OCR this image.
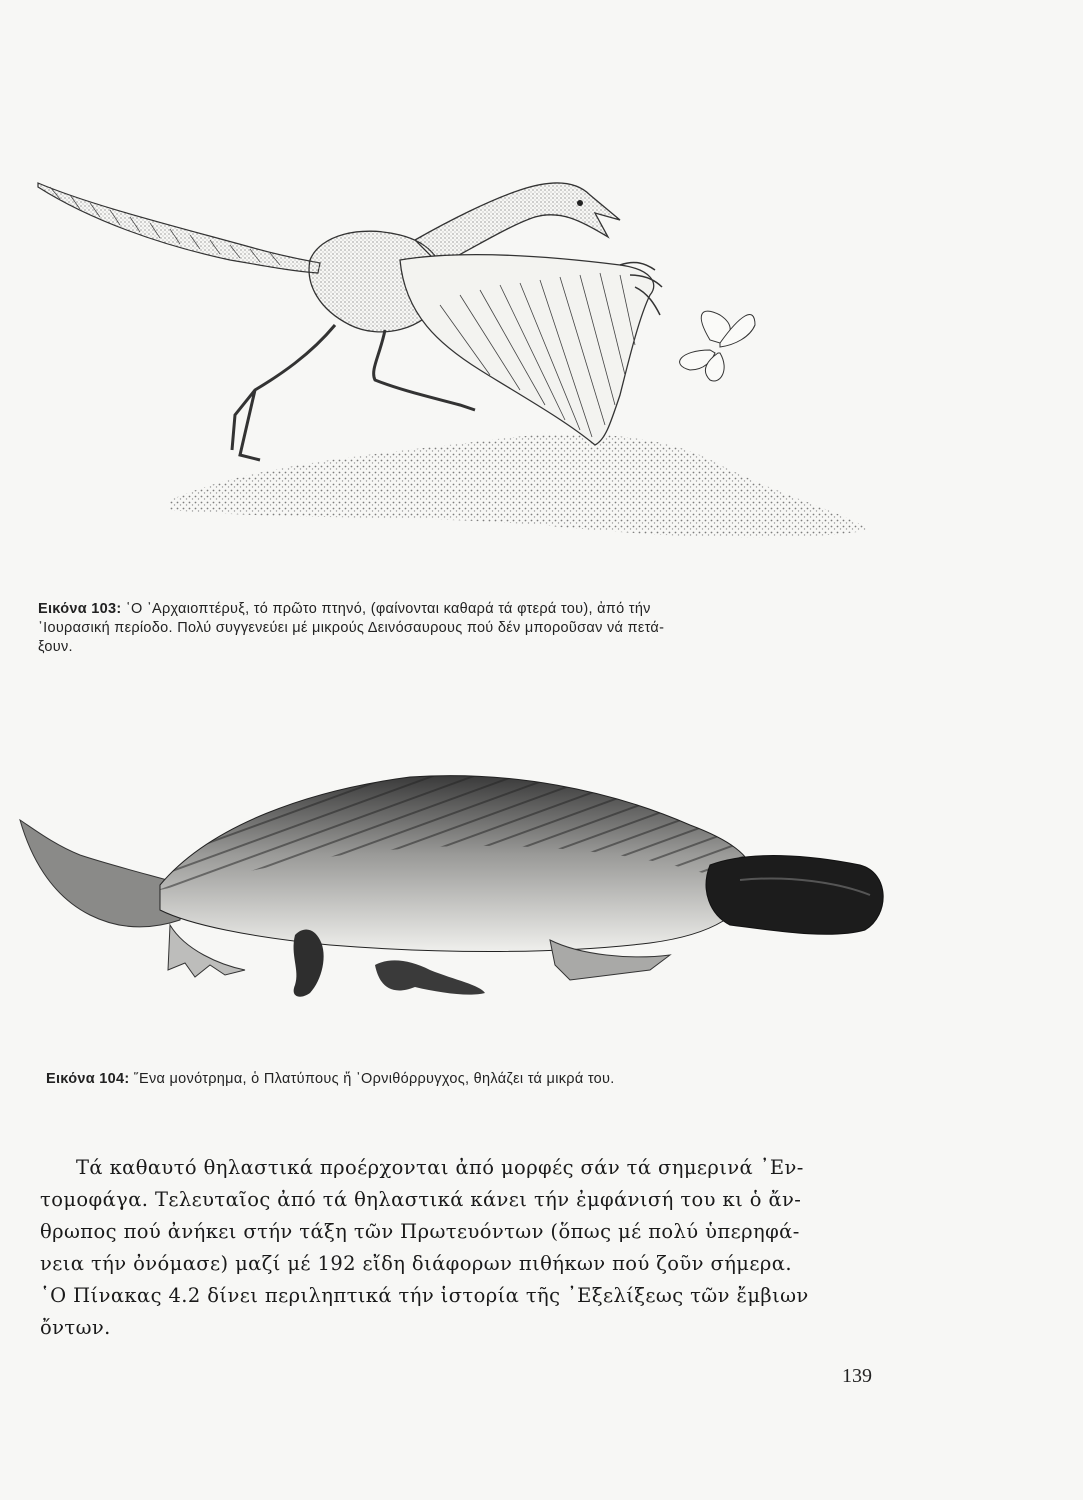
Εικόνα 103: ῾Ο ᾿Αρχαιοπτέρυξ, τό πρῶτο πτηνό, (φαίνονται καθαρά τά φτερά του), ἀπό τήν
᾿Ιουρασική περίοδο. Πολύ συγγενεύει μέ μικρούς Δεινόσαυρους πού δέν μποροῦσαν νά πετά-
ξουν.
Εικόνα 104: ῞Ενα μονότρημα, ὁ Πλατύπους ἤ ᾿Ορνιθόρρυγχος, θηλάζει τά μικρά του.
Τά καθαυτό θηλαστικά προέρχονται ἀπό μορφές σάν τά σημερινά ᾿Εν-
τομοφάγα. Τελευταῖος ἀπό τά θηλαστικά κάνει τήν ἐμφάνισή του κι ὁ ἄν-
θρωπος πού ἀνήκει στήν τάξη τῶν Πρωτευόντων (ὅπως μέ πολύ ὑπερηφά-
νεια τήν ὀνόμασε) μαζί μέ 192 εἴδη διάφορων πιθήκων πού ζοῦν σήμερα.
῾Ο Πίνακας 4.2 δίνει περιληπτικά τήν ἱστορία τῆς ᾿Εξελίξεως τῶν ἔμβιων
ὄντων.
139
